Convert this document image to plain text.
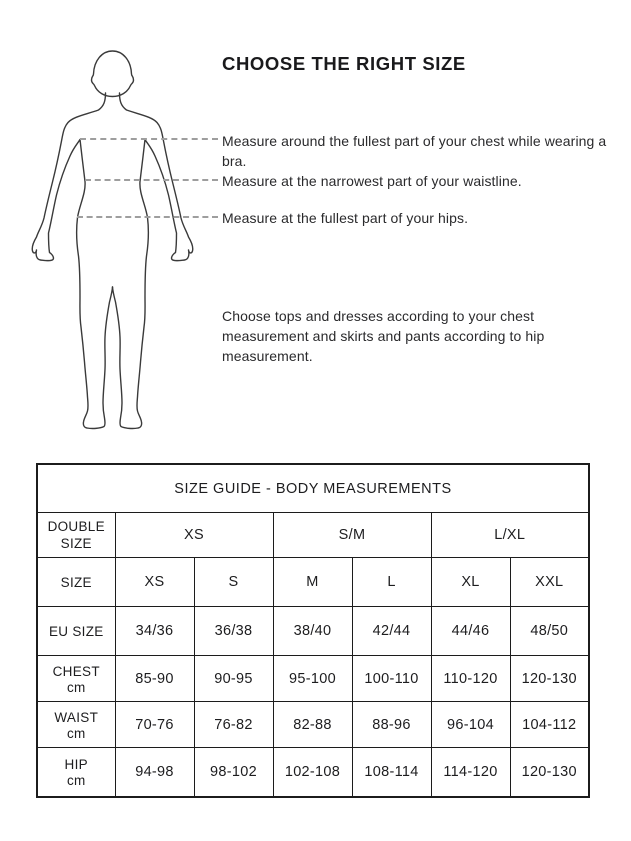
CHOOSE THE RIGHT SIZE

Measure around the fullest part of your chest while wearing a bra.

Measure at the narrowest part of your waistline.

Measure at the fullest part of your hips.

Choose tops and dresses according to your chest measurement and skirts and pants according to hip measurement.

SIZE GUIDE - BODY MEASUREMENTS						
DOUBLE SIZE	XS		S/M		L/XL	
SIZE	XS	S	M	L	XL	XXL
EU SIZE	34/36	36/38	38/40	42/44	44/46	48/50

CHEST
cm	85-90	90-95	95-100	100-110	110-120	120-130

WAIST
cm	70-76	76-82	82-88	88-96	96-104	104-112

HIP
cm	94-98	98-102	102-108	108-114	114-120	120-130
